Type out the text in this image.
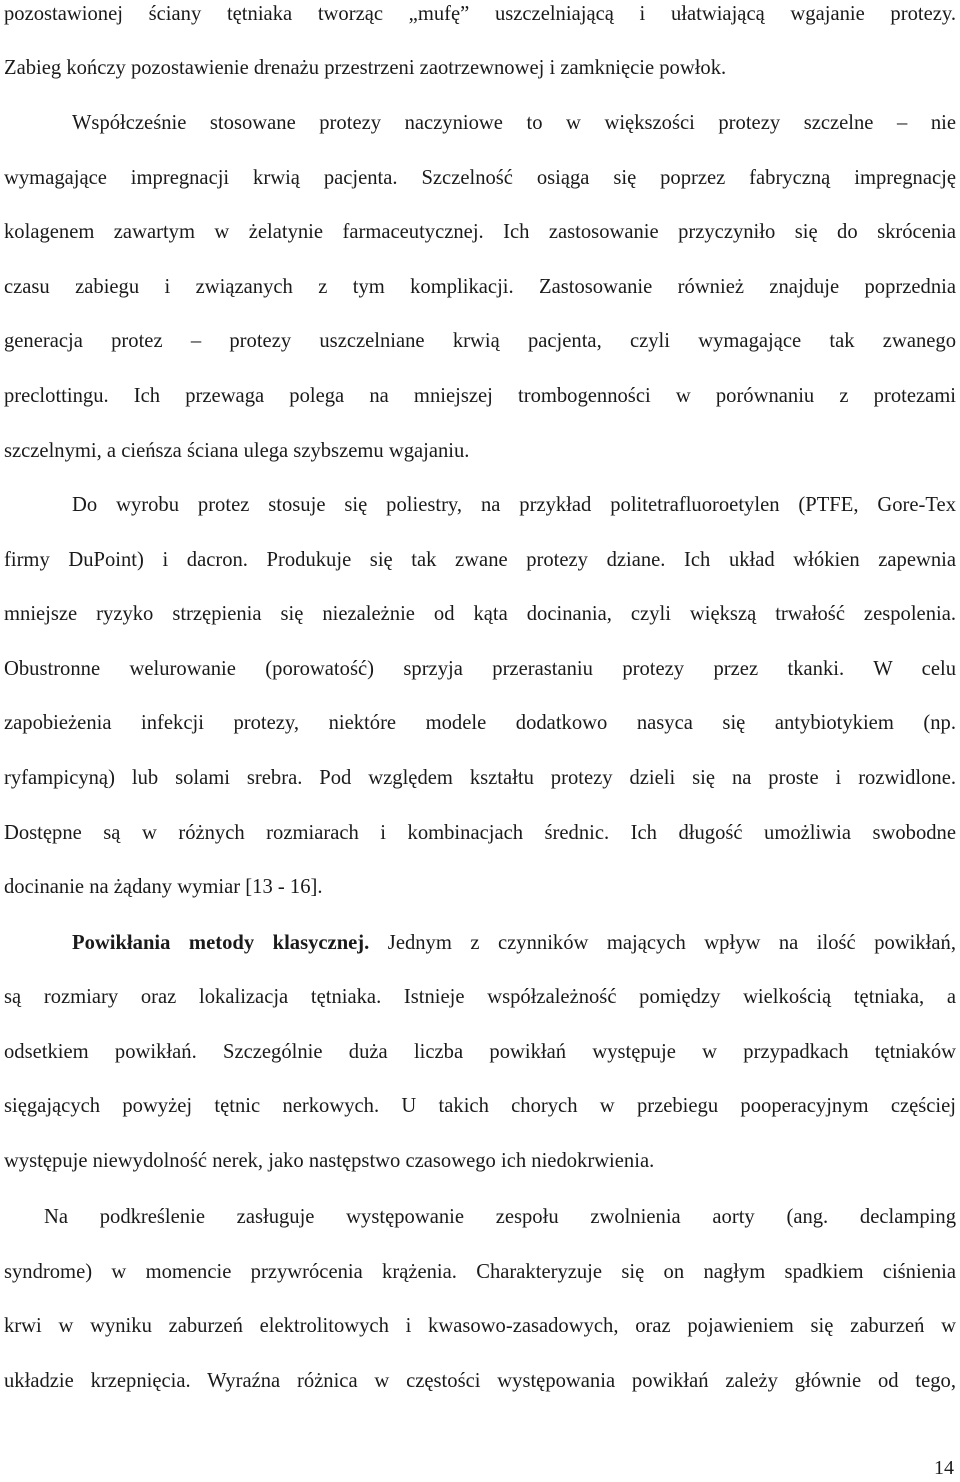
pozostawionej ściany tętniaka tworząc „mufę” uszczelniającą i ułatwiającą wgajanie protezy.
Zabieg kończy pozostawienie drenażu przestrzeni zaotrzewnowej i zamknięcie powłok.
Współcześnie stosowane protezy naczyniowe to w większości protezy szczelne – nie
wymagające impregnacji krwią pacjenta. Szczelność osiąga się poprzez fabryczną impregnację
kolagenem zawartym w żelatynie farmaceutycznej. Ich zastosowanie przyczyniło się do skrócenia
czasu zabiegu i związanych z tym komplikacji. Zastosowanie również znajduje poprzednia
generacja protez – protezy uszczelniane krwią pacjenta, czyli wymagające tak zwanego
preclottingu. Ich przewaga polega na mniejszej trombogenności w porównaniu z protezami
szczelnymi, a cieńsza ściana ulega szybszemu wgajaniu.
Do wyrobu protez stosuje się poliestry, na przykład politetrafluoroetylen (PTFE, Gore-Tex
firmy DuPoint) i dacron. Produkuje się tak zwane protezy dziane. Ich układ włókien zapewnia
mniejsze ryzyko strzępienia się niezależnie od kąta docinania, czyli większą trwałość zespolenia.
Obustronne welurowanie (porowatość) sprzyja przerastaniu protezy przez tkanki. W celu
zapobieżenia infekcji protezy, niektóre modele dodatkowo nasyca się antybiotykiem (np.
ryfampicyną) lub solami srebra. Pod względem kształtu protezy dzieli się na proste i rozwidlone.
Dostępne są w różnych rozmiarach i kombinacjach średnic. Ich długość umożliwia swobodne
docinanie na żądany wymiar [13 - 16].
Powikłania metody klasycznej. Jednym z czynników mających wpływ na ilość powikłań,
są rozmiary oraz lokalizacja tętniaka. Istnieje współzależność pomiędzy wielkością tętniaka, a
odsetkiem powikłań. Szczególnie duża liczba powikłań występuje w przypadkach tętniaków
sięgających powyżej tętnic nerkowych. U takich chorych w przebiegu pooperacyjnym częściej
występuje niewydolność nerek, jako następstwo czasowego ich niedokrwienia.
Na podkreślenie zasługuje występowanie zespołu zwolnienia aorty (ang. declamping
syndrome) w momencie przywrócenia krążenia. Charakteryzuje się on nagłym spadkiem ciśnienia
krwi w wyniku zaburzeń elektrolitowych i kwasowo-zasadowych, oraz pojawieniem się zaburzeń w
układzie krzepnięcia. Wyraźna różnica w częstości występowania powikłań zależy głównie od tego,
14
